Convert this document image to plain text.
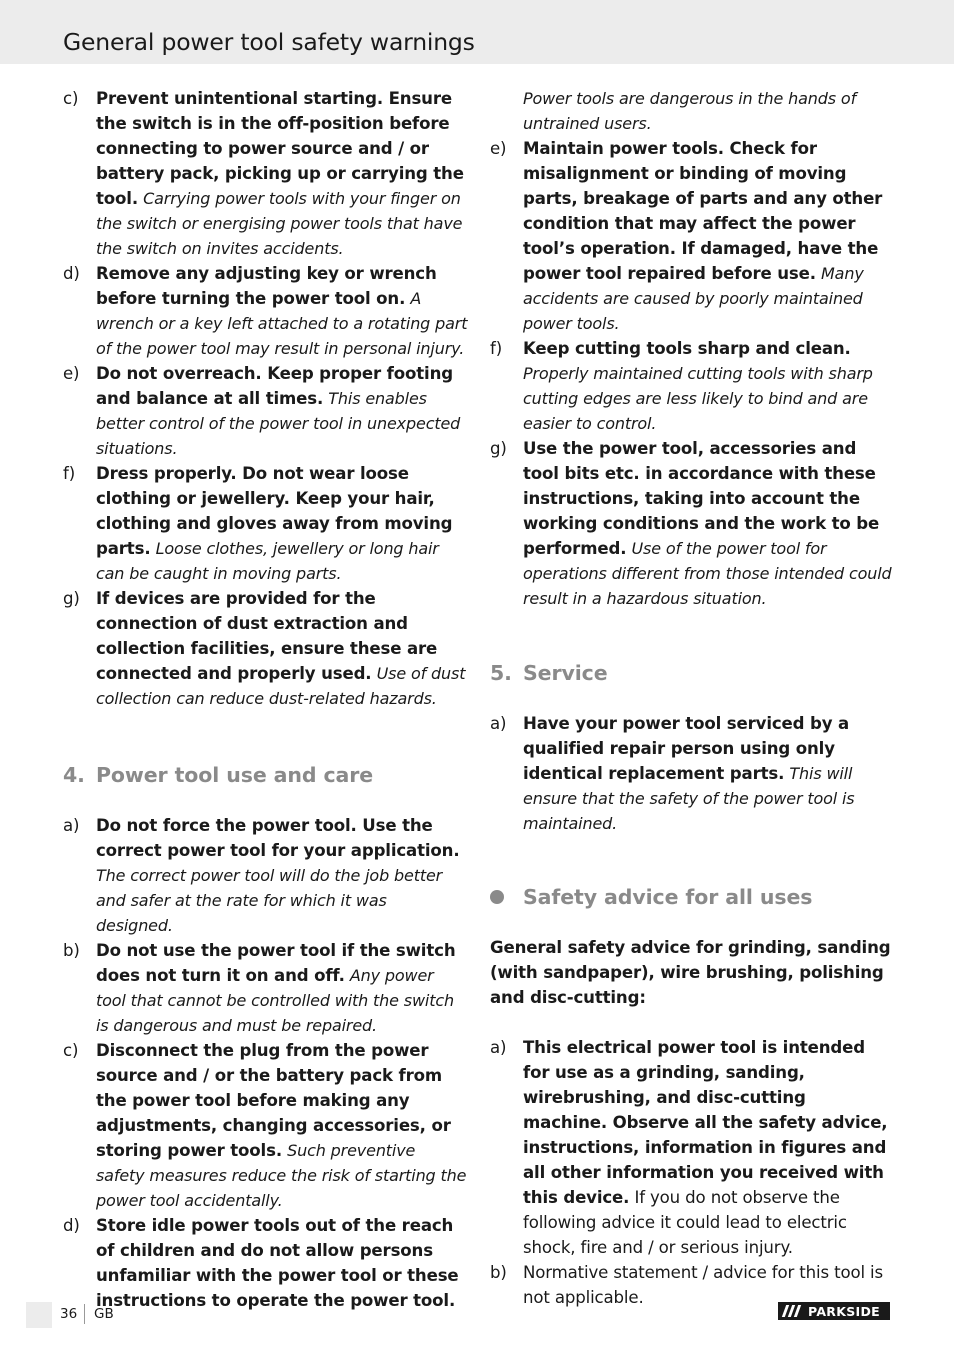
General power tool safety warnings
c) Prevent unintentional starting. Ensure the switch is in the off-position before connecting to power source and / or battery pack, picking up or carrying the tool. Carrying power tools with your finger on the switch or energising power tools that have the switch on invites accidents.
d) Remove any adjusting key or wrench before turning the power tool on. A wrench or a key left attached to a rotating part of the power tool may result in personal injury.
e) Do not overreach. Keep proper footing and balance at all times. This enables better control of the power tool in unexpected situations.
f) Dress properly. Do not wear loose clothing or jewellery. Keep your hair, clothing and gloves away from moving parts. Loose clothes, jewellery or long hair can be caught in moving parts.
g) If devices are provided for the connection of dust extraction and collection facilities, ensure these are connected and properly used. Use of dust collection can reduce dust-related hazards.
4. Power tool use and care
a) Do not force the power tool. Use the correct power tool for your application. The correct power tool will do the job better and safer at the rate for which it was designed.
b) Do not use the power tool if the switch does not turn it on and off. Any power tool that cannot be controlled with the switch is dangerous and must be repaired.
c) Disconnect the plug from the power source and / or the battery pack from the power tool before making any adjustments, changing accessories, or storing power tools. Such preventive safety measures reduce the risk of starting the power tool accidentally.
d) Store idle power tools out of the reach of children and do not allow persons unfamiliar with the power tool or these instructions to operate the power tool.
Power tools are dangerous in the hands of untrained users.
e) Maintain power tools. Check for misalignment or binding of moving parts, breakage of parts and any other condition that may affect the power tool’s operation. If damaged, have the power tool repaired before use. Many accidents are caused by poorly maintained power tools.
f) Keep cutting tools sharp and clean. Properly maintained cutting tools with sharp cutting edges are less likely to bind and are easier to control.
g) Use the power tool, accessories and tool bits etc. in accordance with these instructions, taking into account the working conditions and the work to be performed. Use of the power tool for operations different from those intended could result in a hazardous situation.
5. Service
a) Have your power tool serviced by a qualified repair person using only identical replacement parts. This will ensure that the safety of the power tool is maintained.
Safety advice for all uses
General safety advice for grinding, sanding (with sandpaper), wire brushing, polishing and disc-cutting:
a) This electrical power tool is intended for use as a grinding, sanding, wirebrushing, and disc-cutting machine. Observe all the safety advice, instructions, information in figures and all other information you received with this device. If you do not observe the following advice it could lead to electric shock, fire and / or serious injury.
b) Normative statement / advice for this tool is not applicable.
36 GB	PARKSIDE
